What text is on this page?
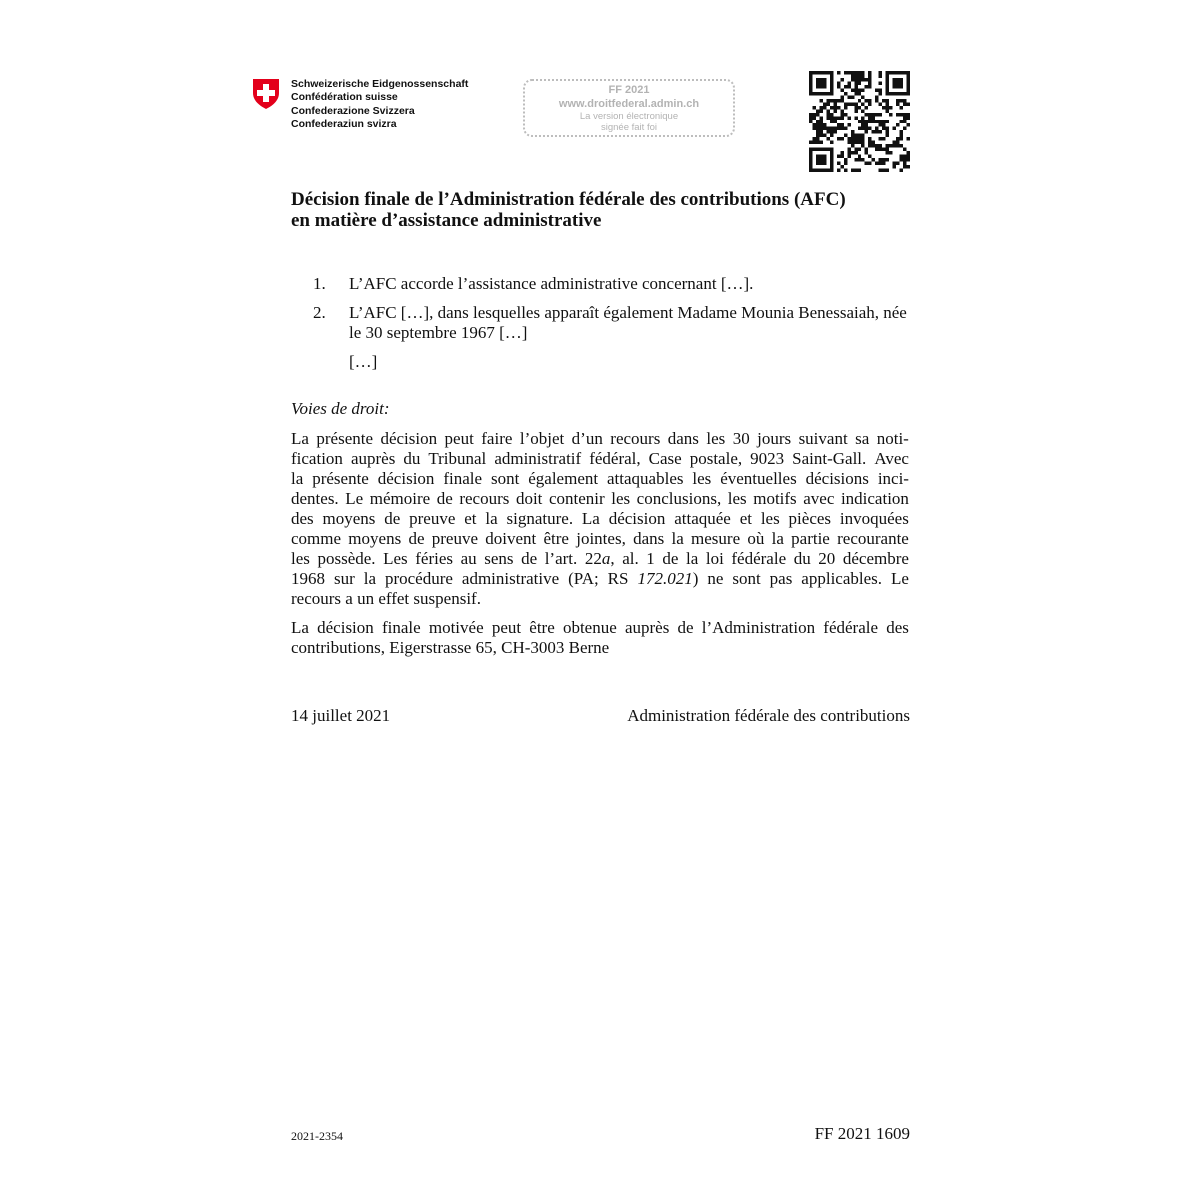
Schweizerische Eidgenossenschaft
Confédération suisse
Confederazione Svizzera
Confederaziun svizra
FF 2021
www.droitfederal.admin.ch
La version électronique
signée fait foi
Décision finale de l’Administration fédérale des contributions (AFC)
en matière d’assistance administrative
1. L’AFC accorde l’assistance administrative concernant […].
2. L’AFC […], dans lesquelles apparaît également Madame Mounia Benessaiah, née le 30 septembre 1967 […]
[…]
Voies de droit:
La présente décision peut faire l’objet d’un recours dans les 30 jours suivant sa noti-
fication auprès du Tribunal administratif fédéral, Case postale, 9023 Saint-Gall. Avec
la présente décision finale sont également attaquables les éventuelles décisions inci-
dentes. Le mémoire de recours doit contenir les conclusions, les motifs avec indication
des moyens de preuve et la signature. La décision attaquée et les pièces invoquées
comme moyens de preuve doivent être jointes, dans la mesure où la partie recourante
les possède. Les féries au sens de l’art. 22a, al. 1 de la loi fédérale du 20 décembre
1968 sur la procédure administrative (PA; RS 172.021) ne sont pas applicables. Le
recours a un effet suspensif.
La décision finale motivée peut être obtenue auprès de l’Administration fédérale des
contributions, Eigerstrasse 65, CH-3003 Berne
14 juillet 2021	Administration fédérale des contributions
2021-2354	FF 2021 1609
